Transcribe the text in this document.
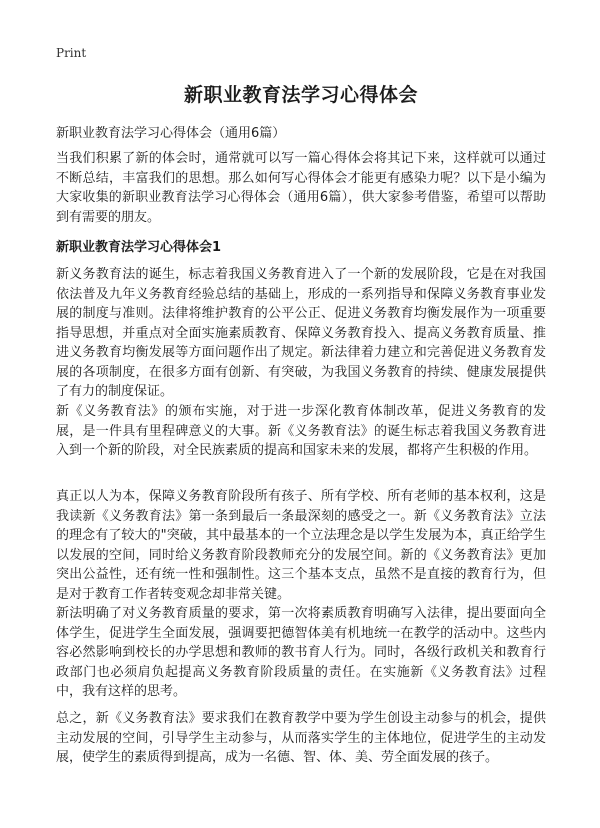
Print
新职业教育法学习心得体会
新职业教育法学习心得体会（通用6篇）

当我们积累了新的体会时，通常就可以写一篇心得体会将其记下来，这样就可以通过不断总结，丰富我们的思想。那么如何写心得体会才能更有感染力呢？以下是小编为大家收集的新职业教育法学习心得体会（通用6篇），供大家参考借鉴，希望可以帮助到有需要的朋友。

新职业教育法学习心得体会1

新义务教育法的诞生，标志着我国义务教育进入了一个新的发展阶段，它是在对我国依法普及九年义务教育经验总结的基础上，形成的一系列指导和保障义务教育事业发展的制度与准则。法律将维护教育的公平公正、促进义务教育均衡发展作为一项重要指导思想，并重点对全面实施素质教育、保障义务教育投入、提高义务教育质量、推进义务教育均衡发展等方面问题作出了规定。新法律着力建立和完善促进义务教育发展的各项制度，在很多方面有创新、有突破，为我国义务教育的持续、健康发展提供了有力的制度保证。

新《义务教育法》的颁布实施，对于进一步深化教育体制改革，促进义务教育的发展，是一件具有里程碑意义的大事。新《义务教育法》的诞生标志着我国义务教育进入到一个新的阶段，对全民族素质的提高和国家未来的发展，都将产生积极的作用。

真正以人为本，保障义务教育阶段所有孩子、所有学校、所有老师的基本权利，这是我读新《义务教育法》第一条到最后一条最深刻的感受之一。新《义务教育法》立法的理念有了较大的"突破，其中最基本的一个立法理念是以学生发展为本，真正给学生以发展的空间，同时给义务教育阶段教师充分的发展空间。新的《义务教育法》更加突出公益性，还有统一性和强制性。这三个基本支点，虽然不是直接的教育行为，但是对于教育工作者转变观念却非常关键。

新法明确了对义务教育质量的要求，第一次将素质教育明确写入法律，提出要面向全体学生，促进学生全面发展，强调要把德智体美有机地统一在教学的活动中。这些内容必然影响到校长的办学思想和教师的教书育人行为。同时，各级行政机关和教育行政部门也必须肩负起提高义务教育阶段质量的责任。在实施新《义务教育法》过程中，我有这样的思考。

总之，新《义务教育法》要求我们在教育教学中要为学生创设主动参与的机会，提供主动发展的空间，引导学生主动参与，从而落实学生的主体地位，促进学生的主动发展，使学生的素质得到提高，成为一名德、智、体、美、劳全面发展的孩子。
